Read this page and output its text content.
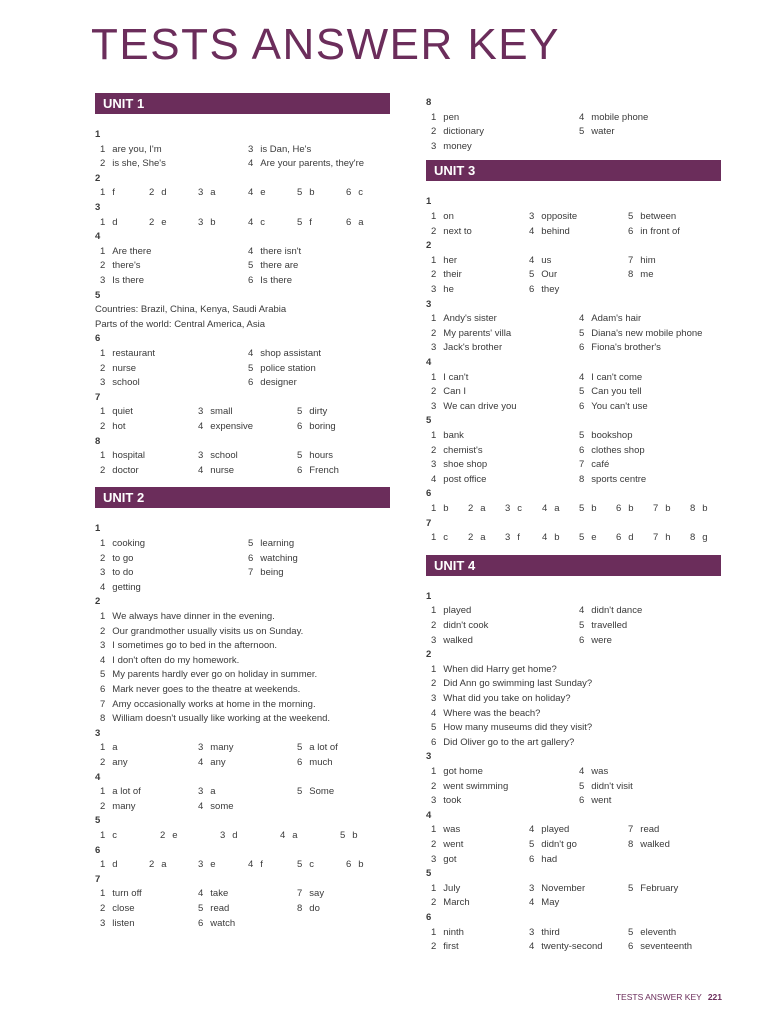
TESTS ANSWER KEY
UNIT 1
1
1 are you, I'm	3 is Dan, He's
2 is she, She's	4 Are your parents, they're
2
1 f	2 d	3 a	4 e	5 b	6 c
3
1 d	2 e	3 b	4 c	5 f	6 a
4
1 Are there	4 there isn't
2 there's	5 there are
3 Is there	6 Is there
5
Countries: Brazil, China, Kenya, Saudi Arabia
Parts of the world: Central America, Asia
6
1 restaurant	4 shop assistant
2 nurse	5 police station
3 school	6 designer
7
1 quiet	3 small	5 dirty
2 hot	4 expensive	6 boring
8
1 hospital	3 school	5 hours
2 doctor	4 nurse	6 French
UNIT 2
1
1 cooking	5 learning
2 to go	6 watching
3 to do	7 being
4 getting
2
1 We always have dinner in the evening.
2 Our grandmother usually visits us on Sunday.
3 I sometimes go to bed in the afternoon.
4 I don't often do my homework.
5 My parents hardly ever go on holiday in summer.
6 Mark never goes to the theatre at weekends.
7 Amy occasionally works at home in the morning.
8 William doesn't usually like working at the weekend.
3
1 a	3 many	5 a lot of
2 any	4 any	6 much
4
1 a lot of	3 a	5 Some
2 many	4 some
5
1 c	2 e	3 d	4 a	5 b
6
1 d	2 a	3 e	4 f	5 c	6 b
7
1 turn off	4 take	7 say
2 close	5 read	8 do
3 listen	6 watch
8
1 pen	4 mobile phone
2 dictionary	5 water
3 money
UNIT 3
1
1 on	3 opposite	5 between
2 next to	4 behind	6 in front of
2
1 her	4 us	7 him
2 their	5 Our	8 me
3 he	6 they
3
1 Andy's sister	4 Adam's hair
2 My parents' villa	5 Diana's new mobile phone
3 Jack's brother	6 Fiona's brother's
4
1 I can't	4 I can't come
2 Can I	5 Can you tell
3 We can drive you	6 You can't use
5
1 bank	5 bookshop
2 chemist's	6 clothes shop
3 shoe shop	7 café
4 post office	8 sports centre
6
1 b 2 a 3 c 4 a 5 b 6 b 7 b 8 b
7
1 c 2 a 3 f 4 b 5 e 6 d 7 h 8 g
UNIT 4
1
1 played	4 didn't dance
2 didn't cook	5 travelled
3 walked	6 were
2
1 When did Harry get home?
2 Did Ann go swimming last Sunday?
3 What did you take on holiday?
4 Where was the beach?
5 How many museums did they visit?
6 Did Oliver go to the art gallery?
3
1 got home	4 was
2 went swimming	5 didn't visit
3 took	6 went
4
1 was	4 played	7 read
2 went	5 didn't go	8 walked
3 got	6 had
5
1 July	3 November	5 February
2 March	4 May
6
1 ninth	3 third	5 eleventh
2 first	4 twenty-second	6 seventeenth
TESTS ANSWER KEY 221
